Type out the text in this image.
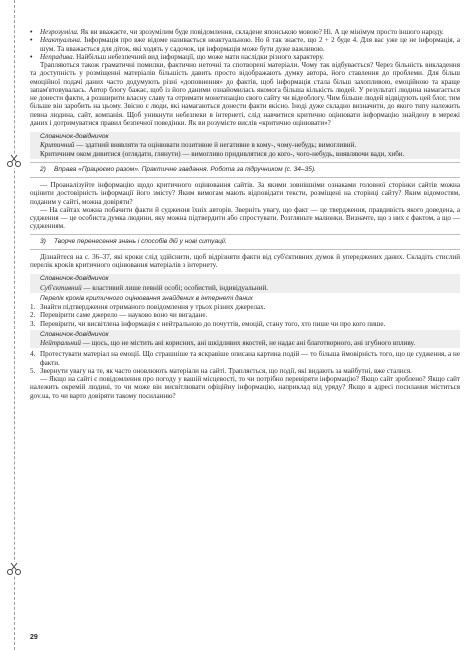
• Незрозуміла. Як ви вважаєте, чи зрозумілим буде повідомлення, складене японською мовою? Ні. А це мінімум просто іншого народу.

• Неактуальна. Інформація про вже відоме називається неактуальною. Но й так знаєте, що 2 + 2 буде 4. Для вас уже це не інформація, а шум. Та вважається для діток, які ходять у садочок, ця інформація може бути дуже важливою.

• Непрадива. Найбільш небезпечний вид інформації, що може мати наслідки різного характеру.

Трапляються також граматичні помилки, фактично неточні та спотворені матеріали. Чому так відбувається? Через більність викладення та доступність у розміщенні матеріалів більшість давить просто відображають думку автора, його ставлення до проблеми. Для більш емоційної подачі даних часто додумують різні «доповнення» до фактів, щоб інформація стала більш захопливою, емоційною та краще запам'ятовувалась. Автор блогу бажає, щоб із його даними ознайомилась якомога більша кількість людей. У результаті людина намагається не донести факти, а розширити власну славу та отримати монетизацію свого сайту чи відеоблогу. Чим більше людей відвідують цей блог, тим більше він заробить на цьому. Звісно є люди, які намагаються донести факти якісно. Іноді дуже складно визначити, до якого типу належить певна людина, сайт, компанія. Щоб уникнути небезпеки в інтернеті, слід навчитися критично оцінювати інформацію знайдену в мережі даних і дотримуватися правил безпечної поведінки. Як ви розумієте вислів «критично оцінювати»?

Словничок-довідничок

Критичний — здатний виявляти та оцінювати позитивне й негативне в кому-, чому-небудь; вимогливий.

Критичним оком дивитися (оглядати, глянути) — вимогливо придивлятися до кого-, чого-небудь, виявляючи вади, хиби.

2) Вправа «Працюємо разом». Практичне завдання. Робота за підручником (с. 34–35).

— Проаналізуйте інформацію щодо критичного оцінювання сайтів. За якими зовнішніми ознаками головної сторінки сайтів можна оцінити достовірність інформації його змісту? Яким вимогам мають відповідати тексти, розміщені на сторінці сайту? Яким відомостям, поданим у сайті, можна довіряти?

— На сайтах можна побачити факти й судження їхніх авторів. Зверніть увагу, що факт — це твердження, правдивість якого доведена, а судження — це особиста думка людини, яку можна підтвердити або спростувати. Розгляньте малюнки. Визначте, що з них є фактом, а що — судженням.

3) Творче перенесення знань і способів дій у нові ситуації.

Дізнайтеся на с. 36–37, які кроки слід здійснити, щоб відрізняти факти від суб'єктивних думок й упереджених даних. Складіть стислий перелік кроків критичного оцінювання матеріалів з інтернету.

Словничок-довідничок

Суб'єктивний — властивий лише певній особі; особистий, індивідуальний.

Перелік кроків критичного оцінювання знайдених в інтернеті даних

1. Знайти підтвердження отриманого повідомлення у трьох різних джерелах.

2. Перевірити саме джерело — науково воно чи вигадане.

3. Перевірити, чи висвітлена інформація є нейтральною до почуттів, емоцій, стану того, хто пише чи про кого пише.

Словничок-довідничок

Нейтральний — щось, що не містить ані корисних, ані шкідливих якостей, не надає ані благотворного, ані згубного впливу.

4. Протестувати матеріал на емоції. Що страшніше та яскравіше описана картина подій — то більша ймовірність того, що це судження, а не факти.

5. Звернути увагу на те, як часто оновлюють матеріали на сайті. Трапляється, що події, які видають за майбутні, вже сталися.

— Якщо на сайті є повідомлення про погоду у вашій місцевості, то чи потрібно перевіряти інформацію? Якщо сайт зроблено? Якщо сайт належить окремій людині, то чи може він висвітлювати офіційну інформацію, наприклад від уряду? Якщо в адресі посилання міститься gov.ua, то чи варто довіряти такому посиланню?

29
